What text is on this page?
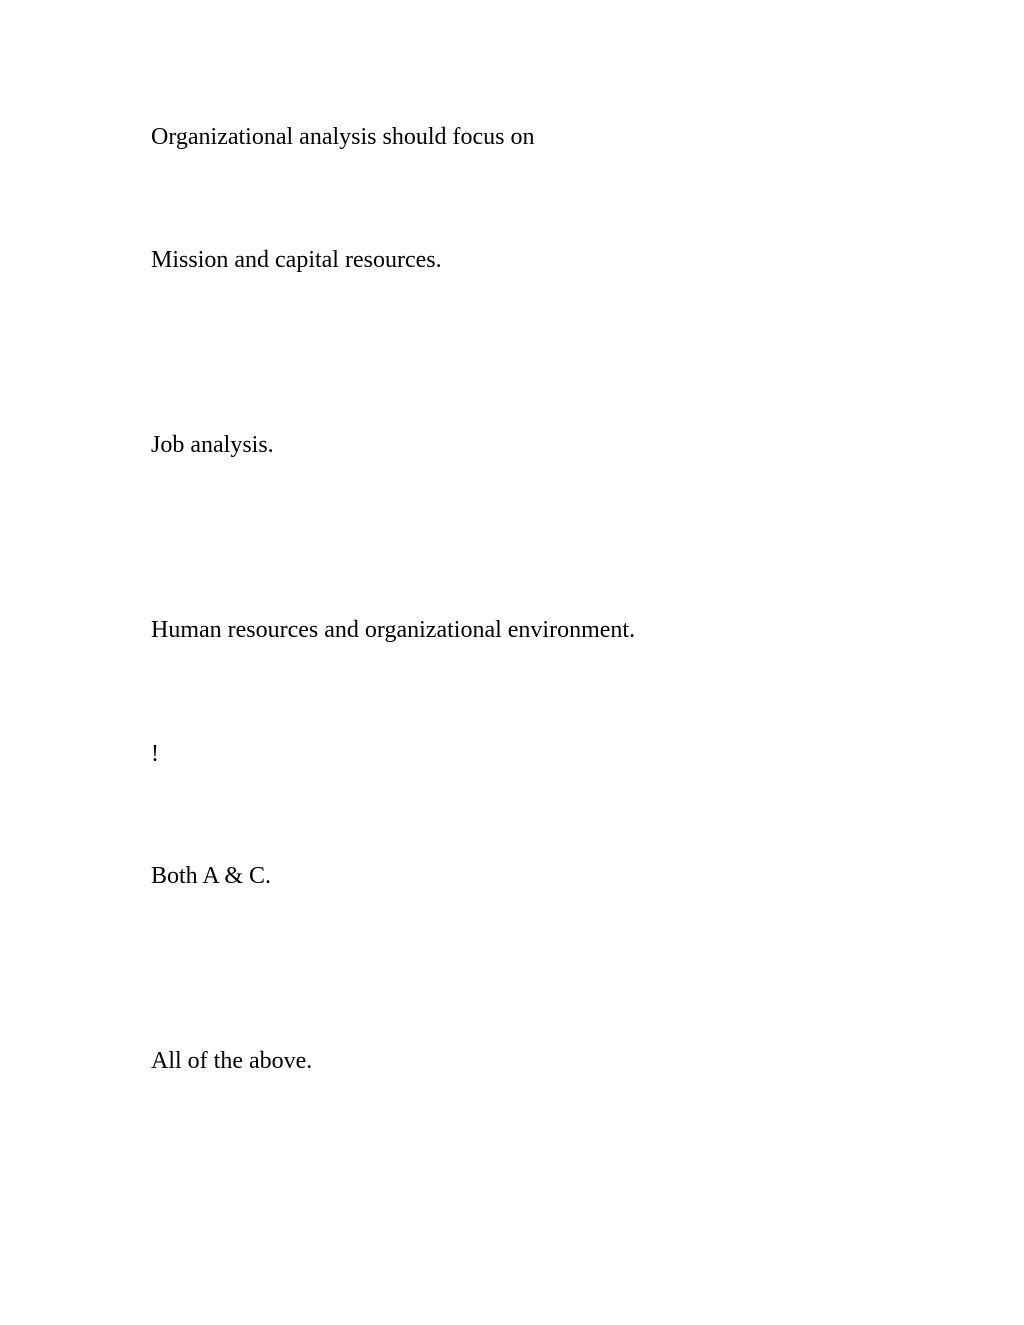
Organizational analysis should focus on

Mission and capital resources.

Job analysis.

Human resources and organizational environment.

!

Both A & C.

All of the above.
